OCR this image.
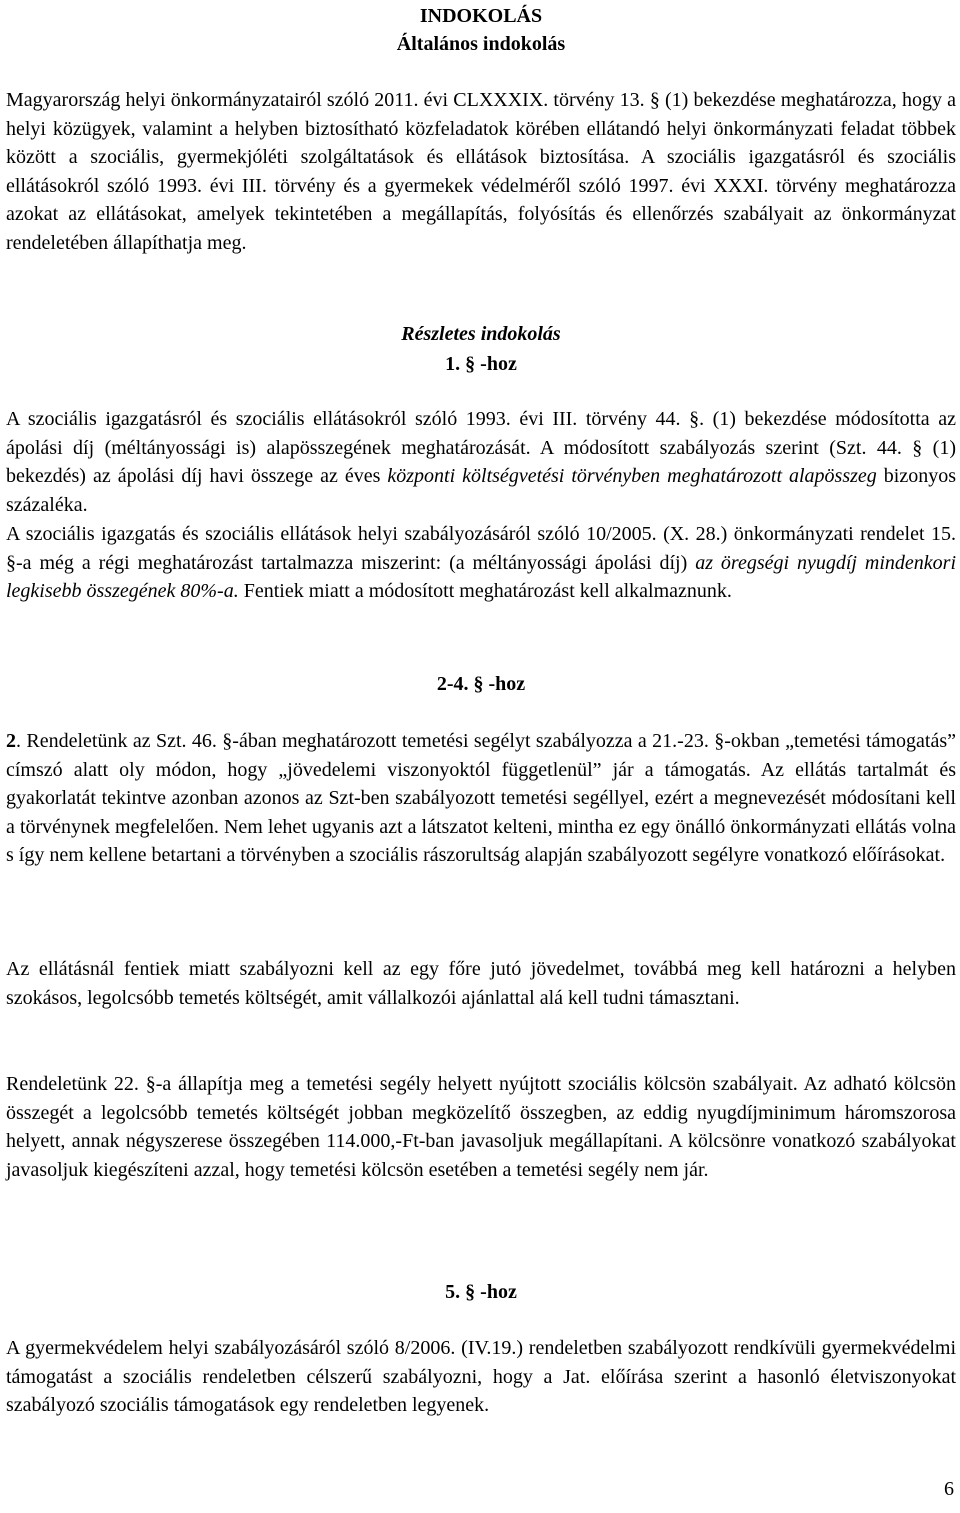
INDOKOLÁS
Általános indokolás

Magyarország helyi önkormányzatairól szóló 2011. évi CLXXXIX. törvény 13. § (1) bekezdése meghatározza, hogy a helyi közügyek, valamint a helyben biztosítható közfeladatok körében ellátandó helyi önkormányzati feladat többek között a szociális, gyermekjóléti szolgáltatások és ellátások biztosítása. A szociális igazgatásról és szociális ellátásokról szóló 1993. évi III. törvény és a gyermekek védelméről szóló 1997. évi XXXI. törvény meghatározza azokat az ellátásokat, amelyek tekintetében a megállapítás, folyósítás és ellenőrzés szabályait az önkormányzat rendeletében állapíthatja meg.

Részletes indokolás
1. § -hoz

A szociális igazgatásról és szociális ellátásokról szóló 1993. évi III. törvény 44. §. (1) bekezdése módosította az ápolási díj (méltányossági is) alapösszegének meghatározását. A módosított szabályozás szerint (Szt. 44. § (1) bekezdés) az ápolási díj havi összege az éves központi költségvetési törvényben meghatározott alapösszeg bizonyos százaléka.

A szociális igazgatás és szociális ellátások helyi szabályozásáról szóló 10/2005. (X. 28.) önkormányzati rendelet 15. §-a még a régi meghatározást tartalmazza miszerint: (a méltányossági ápolási díj) az öregségi nyugdíj mindenkori legkisebb összegének 80%-a. Fentiek miatt a módosított meghatározást kell alkalmaznunk.

2-4. § -hoz

2. Rendeletünk az Szt. 46. §-ában meghatározott temetési segélyt szabályozza a 21.-23. §-okban „temetési támogatás” címszó alatt oly módon, hogy „jövedelemi viszonyoktól függetlenül” jár a támogatás. Az ellátás tartalmát és gyakorlatát tekintve azonban azonos az Szt-ben szabályozott temetési segéllyel, ezért a megnevezését módosítani kell a törvénynek megfelelően. Nem lehet ugyanis azt a látszatot kelteni, mintha ez egy önálló önkormányzati ellátás volna s így nem kellene betartani a törvényben a szociális rászorultság alapján szabályozott segélyre vonatkozó előírásokat.

Az ellátásnál fentiek miatt szabályozni kell az egy főre jutó jövedelmet, továbbá meg kell határozni a helyben szokásos, legolcsóbb temetés költségét, amit vállalkozói ajánlattal alá kell tudni támasztani.

Rendeletünk 22. §-a állapítja meg a temetési segély helyett nyújtott szociális kölcsön szabályait. Az adható kölcsön összegét a legolcsóbb temetés költségét jobban megközelítő összegben, az eddig nyugdíjminimum háromszorosa helyett, annak négyszerese összegében 114.000,-Ft-ban javasoljuk megállapítani. A kölcsönre vonatkozó szabályokat javasoljuk kiegészíteni azzal, hogy temetési kölcsön esetében a temetési segély nem jár.

5. § -hoz

A gyermekvédelem helyi szabályozásáról szóló 8/2006. (IV.19.) rendeletben szabályozott rendkívüli gyermekvédelmi támogatást a szociális rendeletben célszerű szabályozni, hogy a Jat. előírása szerint a hasonló életviszonyokat szabályozó szociális támogatások egy rendeletben legyenek.

6
